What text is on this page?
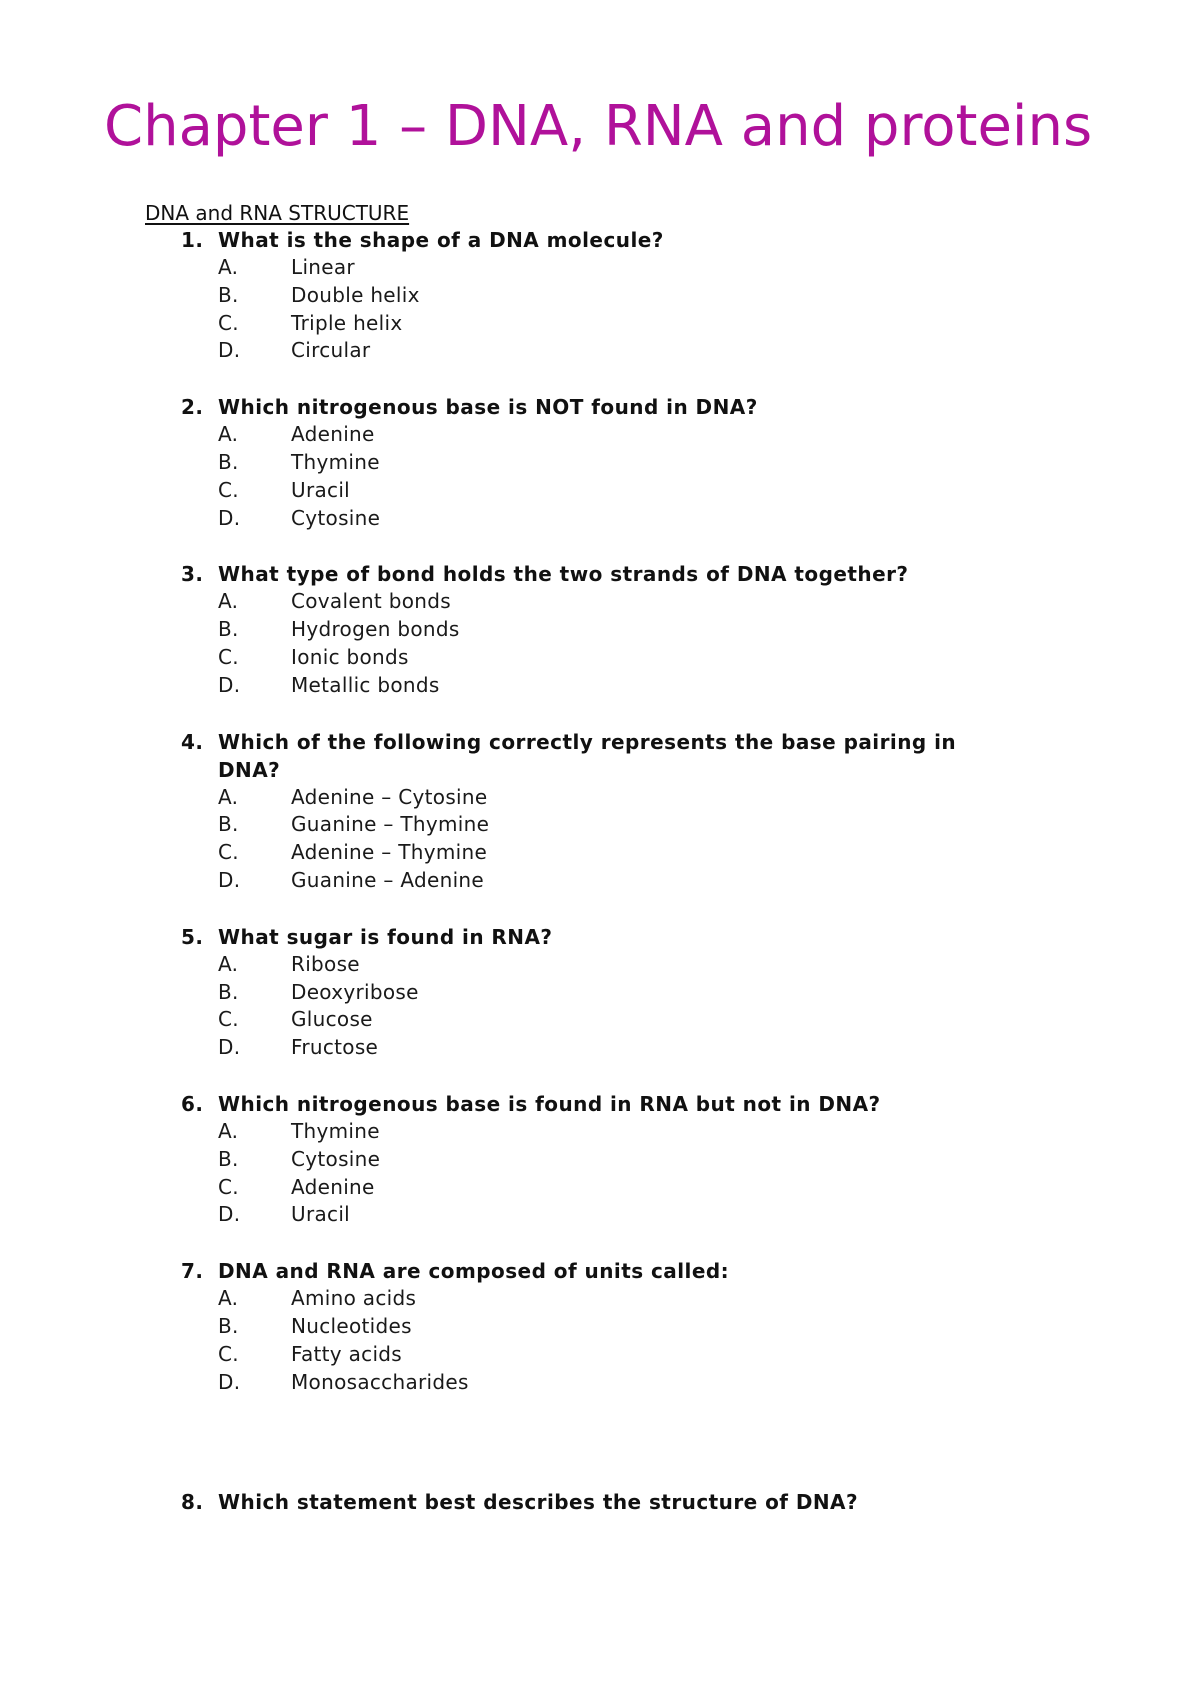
Chapter 1 – DNA, RNA and proteins
DNA and RNA STRUCTURE
1. What is the shape of a DNA molecule?
A.	Linear
B.	Double helix
C.	Triple helix
D.	Circular
2. Which nitrogenous base is NOT found in DNA?
A.	Adenine
B.	Thymine
C.	Uracil
D.	Cytosine
3. What type of bond holds the two strands of DNA together?
A.	Covalent bonds
B.	Hydrogen bonds
C.	Ionic bonds
D.	Metallic bonds
4. Which of the following correctly represents the base pairing in DNA?
A.	Adenine – Cytosine
B.	Guanine – Thymine
C.	Adenine – Thymine
D.	Guanine – Adenine
5. What sugar is found in RNA?
A.	Ribose
B.	Deoxyribose
C.	Glucose
D.	Fructose
6. Which nitrogenous base is found in RNA but not in DNA?
A.	Thymine
B.	Cytosine
C.	Adenine
D.	Uracil
7. DNA and RNA are composed of units called:
A.	Amino acids
B.	Nucleotides
C.	Fatty acids
D.	Monosaccharides
8. Which statement best describes the structure of DNA?
